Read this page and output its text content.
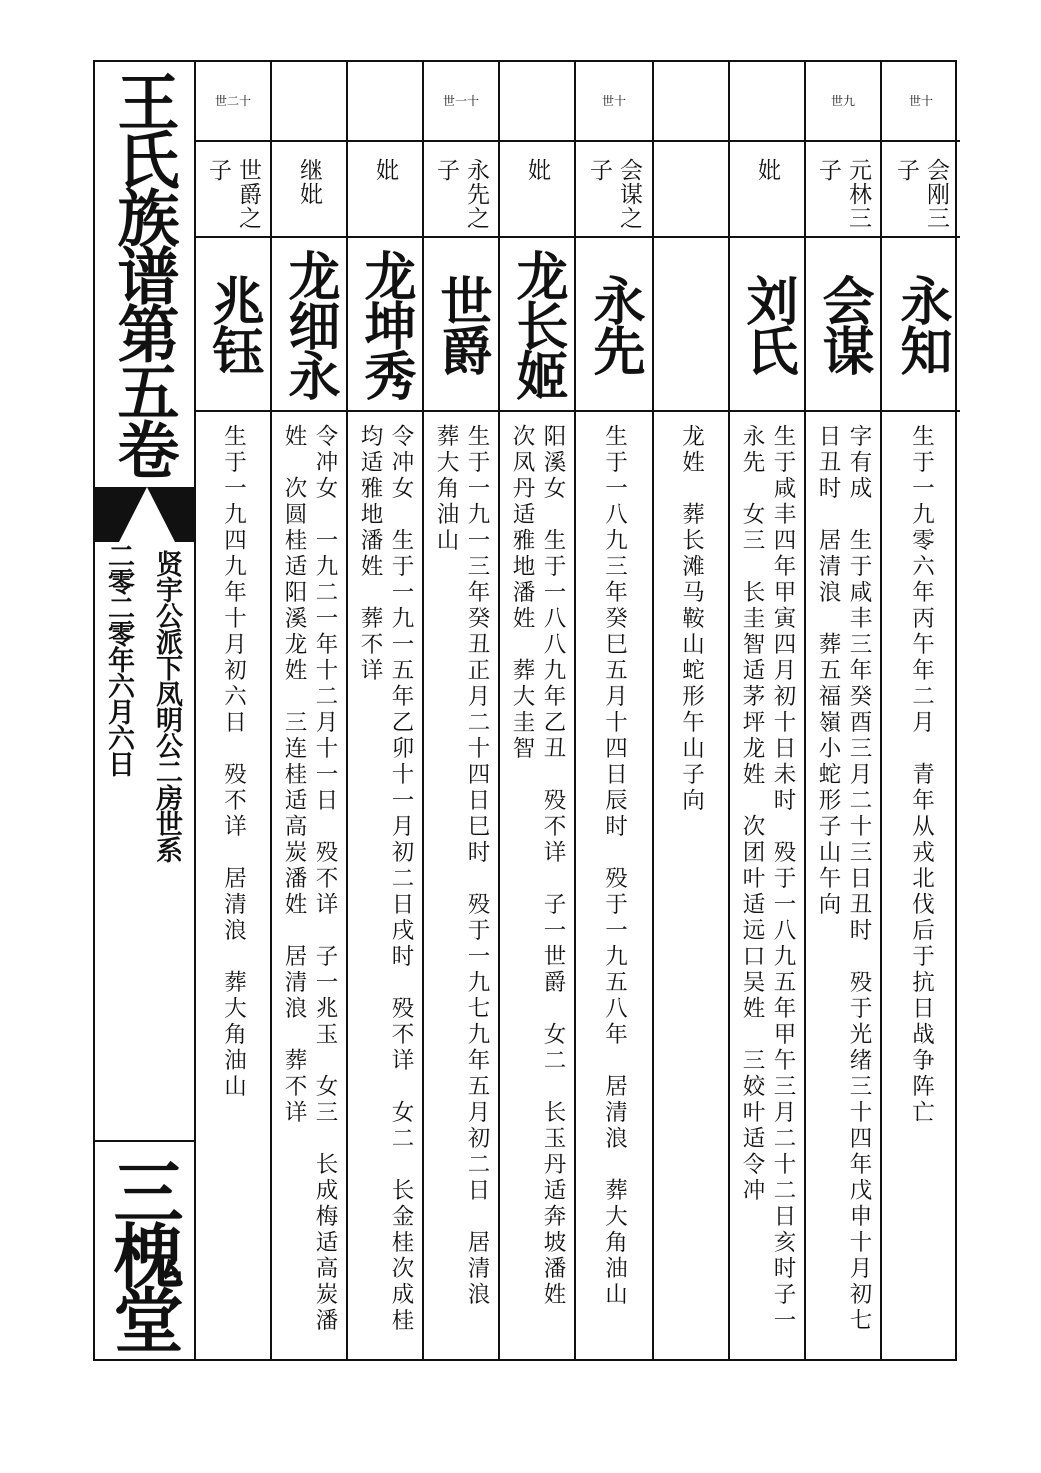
王氏族谱第五卷
贤宇公派下凤明公二房世系
二零二零年六月六日
三槐堂
世二十
世爵之子
兆钰
生于一九四九年十月初六日　殁不详　居清浪　葬大角油山
继妣
龙细永
令冲女　一九二一年十二月十一日　殁不详　子一兆玉　女三　长成梅适高炭潘姓　次圆桂适阳溪龙姓　三连桂适高炭潘姓　居清浪　葬不详
妣
龙坤秀
令冲女　生于一九一五年乙卯十一月初二日戌时　殁不详　女二　长金桂次成桂均适雅地潘姓　葬不详
世一十
永先之子
世爵
生于一九一三年癸丑正月二十四日巳时　殁于一九七九年五月初二日　居清浪　葬大角油山
妣
龙长姬
阳溪女　生于一八八九年乙丑　殁不详　子一世爵　女二　长玉丹适奔坡潘姓　次凤丹适雅地潘姓　葬大圭智
世十
会谋之子
永先
生于一八九三年癸巳五月十四日辰时　殁于一九五八年　居清浪　葬大角油山 龙姓　葬长滩马鞍山蛇形午山子向
妣
刘氏
生于咸丰四年甲寅四月初十日未时　殁于一八九五年甲午三月二十二日亥时子一永先　女三　长圭智适茅坪龙姓　次团叶适远口吴姓　三姣叶适令冲
世九
元林三子
会谋
字有成　生于咸丰三年癸酉三月二十三日丑时　殁于光绪三十四年戊申十月初七日丑时　居清浪　葬五福嶺小蛇形子山午向
世十
会刚三子
永知
生于一九零六年丙午年二月　青年从戎北伐后于抗日战争阵亡
